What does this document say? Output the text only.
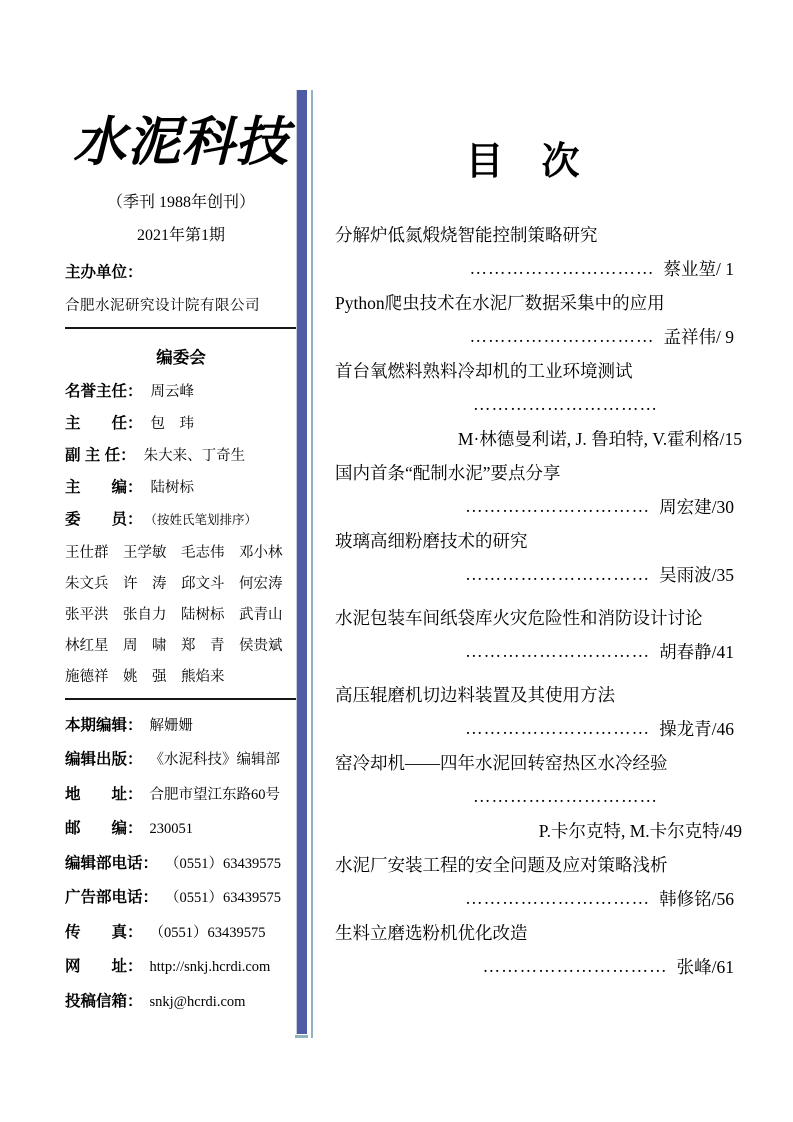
水泥科技
（季刊 1988年创刊）
2021年第1期
主办单位：
合肥水泥研究设计院有限公司
编委会
名誉主任： 周云峰
主　　任： 包　玮
副 主 任： 朱大来、丁奇生
主　　编： 陆树标
委　　员： （按姓氏笔划排序）
王仕群	王学敏	毛志伟	邓小林
朱文兵	许　涛	邱文斗	何宏涛
张平洪	张自力	陆树标	武青山
林红星	周　啸	郑　青	侯贵斌
施德祥	姚　强	熊焰来
本期编辑： 解姗姗
编辑出版： 《水泥科技》编辑部
地　　址： 合肥市望江东路60号
邮　　编： 230051
编辑部电话： （0551）63439575
广告部电话： （0551）63439575
传　　真： （0551）63439575
网　　址： http://snkj.hcrdi.com
投稿信箱： snkj@hcrdi.com
目　次
分解炉低氮煅烧智能控制策略研究
………………………… 蔡业堃/ 1
Python爬虫技术在水泥厂数据采集中的应用
………………………… 孟祥伟/ 9
首台氧燃料熟料冷却机的工业环境测试
…………………………
M·林德曼利诺, J. 鲁珀特, V.霍利格/15
国内首条“配制水泥”要点分享
………………………… 周宏建/30
玻璃高细粉磨技术的研究
………………………… 吴雨波/35
水泥包装车间纸袋库火灾危险性和消防设计讨论
………………………… 胡春静/41
高压辊磨机切边料装置及其使用方法
………………………… 操龙青/46
窑冷却机——四年水泥回转窑热区水冷经验
…………………………
P.卡尔克特, M.卡尔克特/49
水泥厂安装工程的安全问题及应对策略浅析
………………………… 韩修铭/56
生料立磨选粉机优化改造
………………………… 张峰/61
